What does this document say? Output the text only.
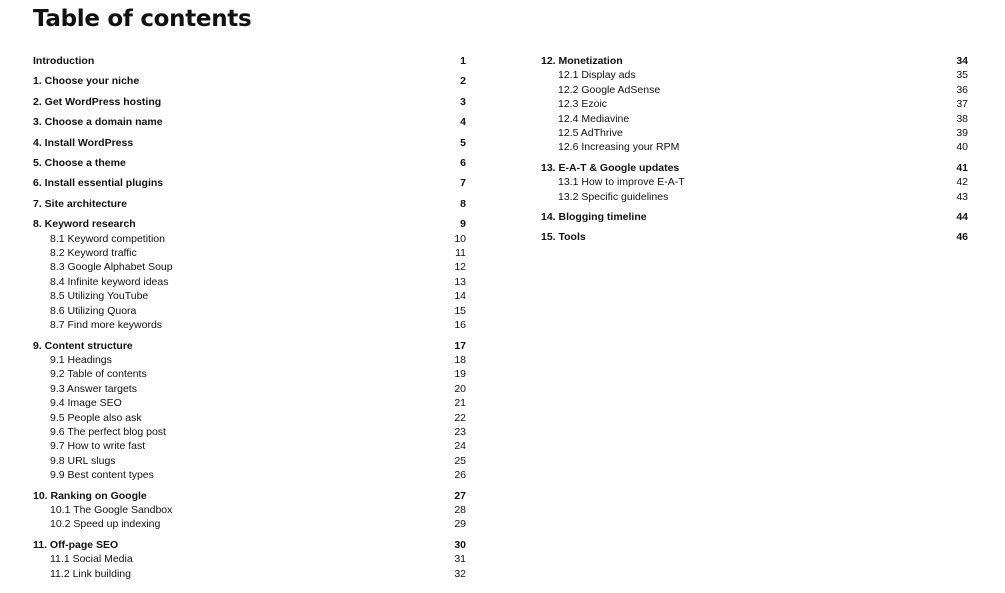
Table of contents
Introduction	1
1. Choose your niche	2
2. Get WordPress hosting	3
3. Choose a domain name	4
4. Install WordPress	5
5. Choose a theme	6
6. Install essential plugins	7
7. Site architecture	8
8. Keyword research	9
8.1 Keyword competition	10
8.2 Keyword traffic	11
8.3 Google Alphabet Soup	12
8.4 Infinite keyword ideas	13
8.5 Utilizing YouTube	14
8.6 Utilizing Quora	15
8.7 Find more keywords	16
9. Content structure	17
9.1 Headings	18
9.2 Table of contents	19
9.3 Answer targets	20
9.4 Image SEO	21
9.5 People also ask	22
9.6 The perfect blog post	23
9.7 How to write fast	24
9.8 URL slugs	25
9.9 Best content types	26
10. Ranking on Google	27
10.1 The Google Sandbox	28
10.2 Speed up indexing	29
11. Off-page SEO	30
11.1 Social Media	31
11.2 Link building	32
12. Monetization	34
12.1 Display ads	35
12.2 Google AdSense	36
12.3 Ezoic	37
12.4 Mediavine	38
12.5 AdThrive	39
12.6 Increasing your RPM	40
13. E-A-T & Google updates	41
13.1 How to improve E-A-T	42
13.2 Specific guidelines	43
14. Blogging timeline	44
15. Tools	46
